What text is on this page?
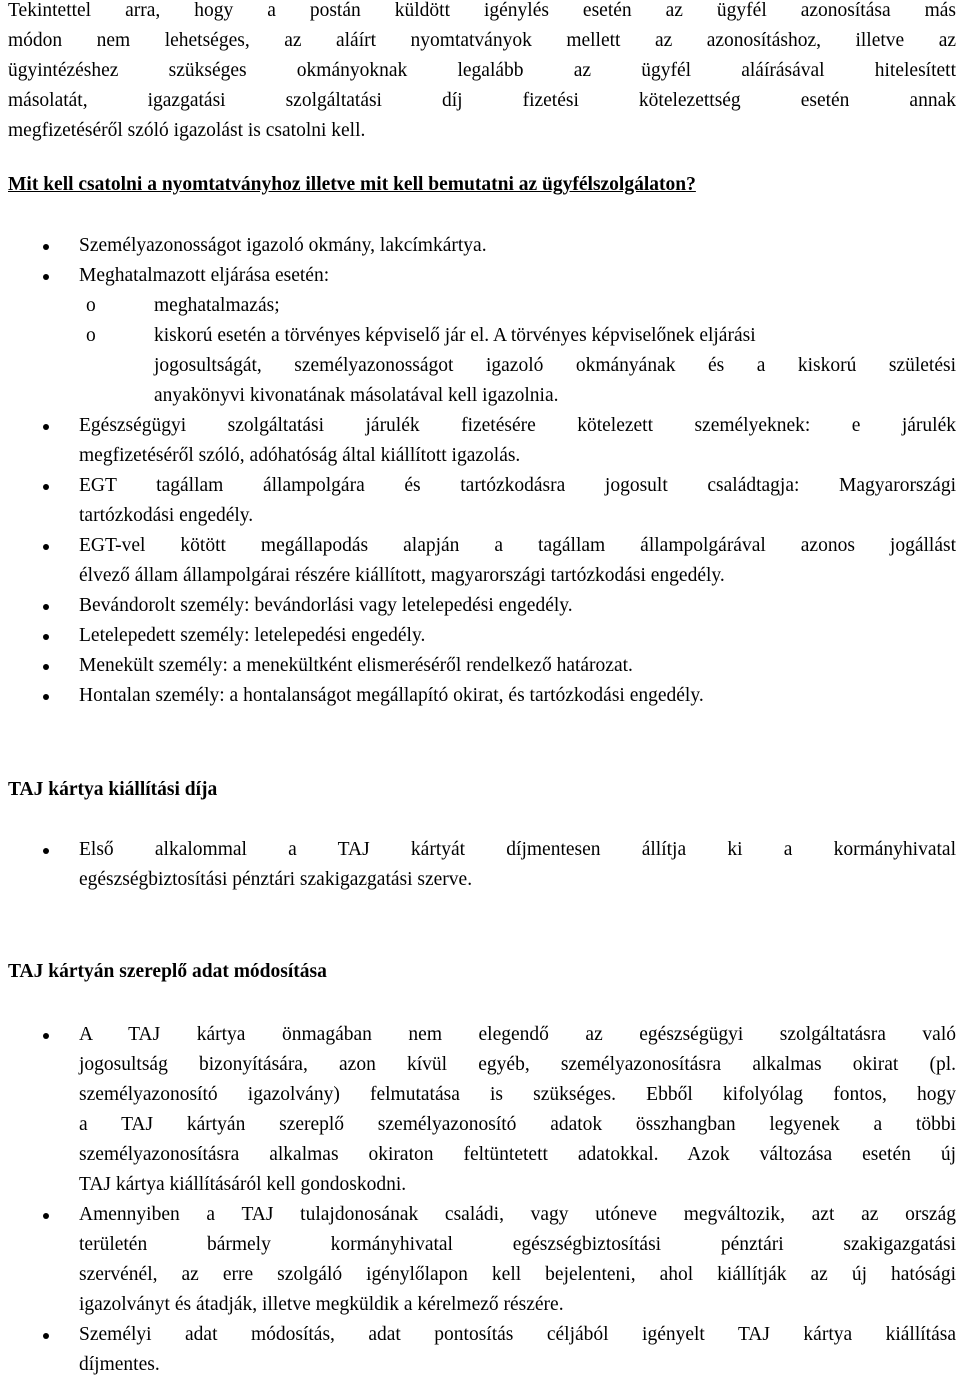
Tekintettel arra, hogy a postán küldött igénylés esetén az ügyfél azonosítása más
módon nem lehetséges, az aláírt nyomtatványok mellett az azonosításhoz, illetve az
ügyintézéshez szükséges okmányoknak legalább az ügyfél aláírásával hitelesített
másolatát, igazgatási szolgáltatási díj fizetési kötelezettség esetén annak
megfizetéséről szóló igazolást is csatolni kell.
Mit kell csatolni a nyomtatványhoz illetve mit kell bemutatni az ügyfélszolgálaton?
Személyazonosságot igazoló okmány, lakcímkártya.
Meghatalmazott eljárása esetén:
o meghatalmazás;
o kiskorú esetén a törvényes képviselő jár el. A törvényes képviselőnek eljárási
jogosultságát, személyazonosságot igazoló okmányának és a kiskorú születési
anyakönyvi kivonatának másolatával kell igazolnia.
Egészségügyi szolgáltatási járulék fizetésére kötelezett személyeknek: e járulék
megfizetéséről szóló, adóhatóság által kiállított igazolás.
EGT tagállam állampolgára és tartózkodásra jogosult családtagja: Magyarországi
tartózkodási engedély.
EGT-vel kötött megállapodás alapján a tagállam állampolgárával azonos jogállást
élvező állam állampolgárai részére kiállított, magyarországi tartózkodási engedély.
Bevándorolt személy: bevándorlási vagy letelepedési engedély.
Letelepedett személy: letelepedési engedély.
Menekült személy: a menekültként elismeréséről rendelkező határozat.
Hontalan személy: a hontalanságot megállapító okirat, és tartózkodási engedély.
TAJ kártya kiállítási díja
Első alkalommal a TAJ kártyát díjmentesen állítja ki a kormányhivatal
egészségbiztosítási pénztári szakigazgatási szerve.
TAJ kártyán szereplő adat módosítása
A TAJ kártya önmagában nem elegendő az egészségügyi szolgáltatásra való
jogosultság bizonyítására, azon kívül egyéb, személyazonosításra alkalmas okirat (pl.
személyazonosító igazolvány) felmutatása is szükséges. Ebből kifolyólag fontos, hogy
a TAJ kártyán szereplő személyazonosító adatok összhangban legyenek a többi
személyazonosításra alkalmas okiraton feltüntetett adatokkal. Azok változása esetén új
TAJ kártya kiállításáról kell gondoskodni.
Amennyiben a TAJ tulajdonosának családi, vagy utóneve megváltozik, azt az ország
területén bármely kormányhivatal egészségbiztosítási pénztári szakigazgatási
szervénél, az erre szolgáló igénylőlapon kell bejelenteni, ahol kiállítják az új hatósági
igazolványt és átadják, illetve megküldik a kérelmező részére.
Személyi adat módosítás, adat pontosítás céljából igényelt TAJ kártya kiállítása
díjmentes.
